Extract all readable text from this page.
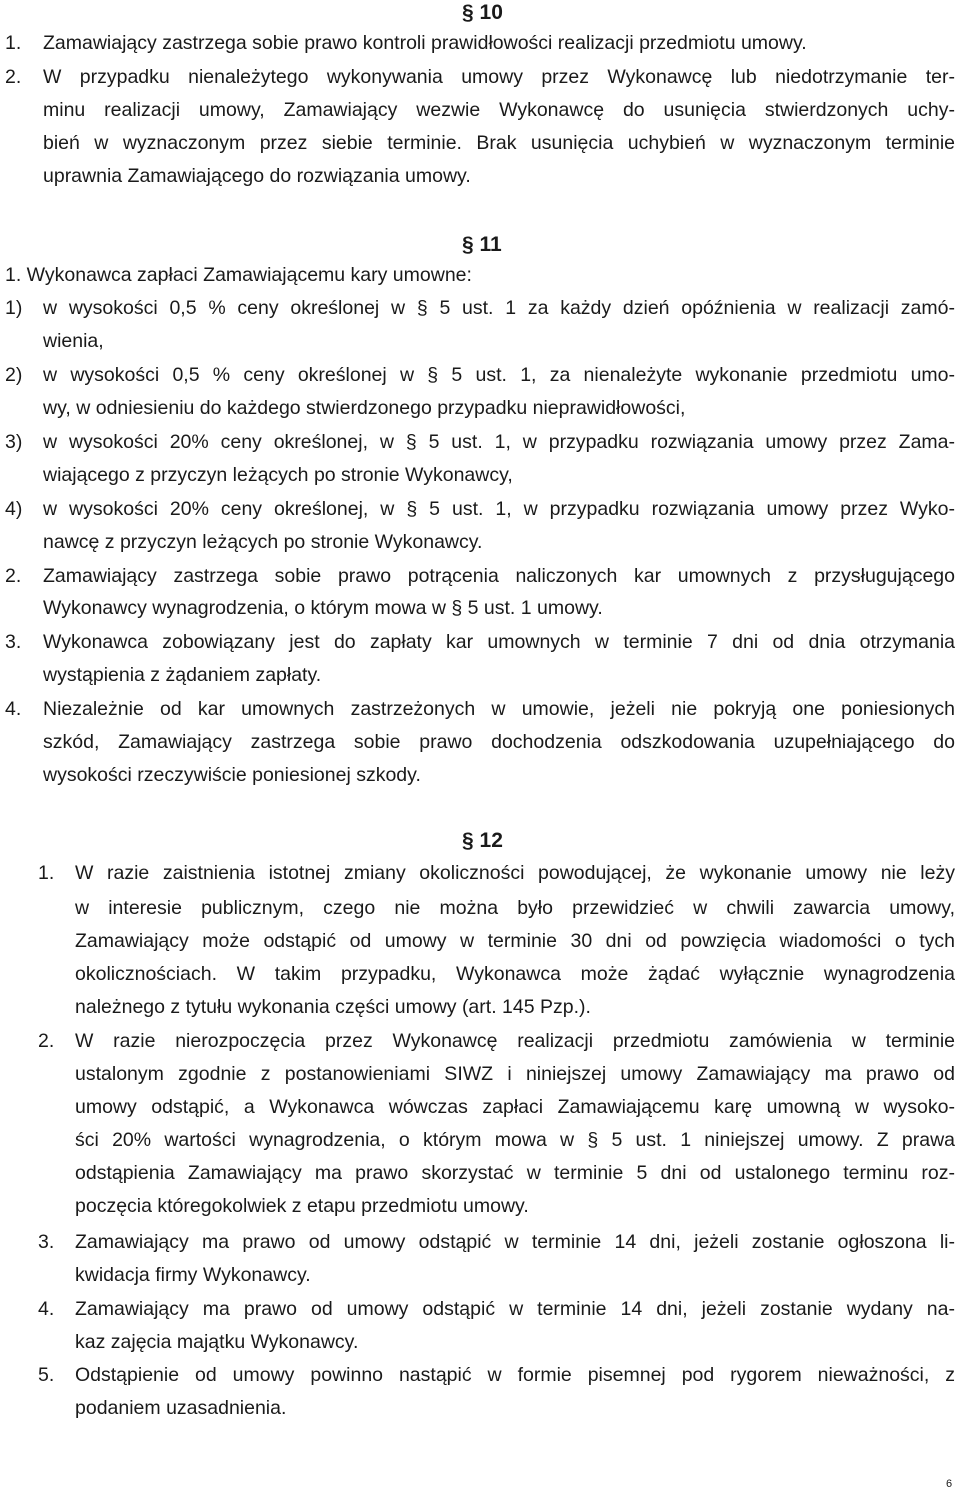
§ 10
1. Zamawiający zastrzega sobie prawo kontroli prawidłowości realizacji przedmiotu umowy.
2. W przypadku nienależytego wykonywania umowy przez Wykonawcę lub niedotrzymanie ter-
minu realizacji umowy, Zamawiający wezwie Wykonawcę do usunięcia stwierdzonych uchy-
bień w wyznaczonym przez siebie terminie. Brak usunięcia uchybień w wyznaczonym terminie
uprawnia Zamawiającego do rozwiązania umowy.
§ 11
1. Wykonawca zapłaci Zamawiającemu kary umowne:
1) w wysokości 0,5 % ceny określonej w § 5 ust. 1 za każdy dzień opóźnienia w realizacji zamó-
wienia,
2) w wysokości 0,5 % ceny określonej w § 5 ust. 1, za nienależyte wykonanie przedmiotu umo-
wy, w odniesieniu do każdego stwierdzonego przypadku nieprawidłowości,
3) w wysokości 20% ceny określonej, w § 5 ust. 1, w przypadku rozwiązania umowy przez Zama-
wiającego z przyczyn leżących po stronie Wykonawcy,
4) w wysokości 20% ceny określonej, w § 5 ust. 1, w przypadku rozwiązania umowy przez Wyko-
nawcę z przyczyn leżących po stronie Wykonawcy.
2. Zamawiający zastrzega sobie prawo potrącenia naliczonych kar umownych z przysługującego
Wykonawcy wynagrodzenia, o którym mowa w § 5 ust. 1 umowy.
3. Wykonawca zobowiązany jest do zapłaty kar umownych w terminie 7 dni od dnia otrzymania
wystąpienia z żądaniem zapłaty.
4. Niezależnie od kar umownych zastrzeżonych w umowie, jeżeli nie pokryją one poniesionych
szkód, Zamawiający zastrzega sobie prawo dochodzenia odszkodowania uzupełniającego do
wysokości rzeczywiście poniesionej szkody.
§ 12
1. W razie zaistnienia istotnej zmiany okoliczności powodującej, że wykonanie umowy nie leży
w interesie publicznym, czego nie można było przewidzieć w chwili zawarcia umowy,
Zamawiający może odstąpić od umowy w terminie 30 dni od powzięcia wiadomości o tych
okolicznościach. W takim przypadku, Wykonawca może żądać wyłącznie wynagrodzenia
należnego z tytułu wykonania części umowy (art. 145 Pzp.).
2. W razie nierozpoczęcia przez Wykonawcę realizacji przedmiotu zamówienia w terminie
ustalonym zgodnie z postanowieniami SIWZ i niniejszej umowy Zamawiający ma prawo od
umowy odstąpić, a Wykonawca wówczas zapłaci Zamawiającemu karę umowną w wysoko-
ści 20% wartości wynagrodzenia, o którym mowa w § 5 ust. 1 niniejszej umowy. Z prawa
odstąpienia Zamawiający ma prawo skorzystać w terminie 5 dni od ustalonego terminu roz-
poczęcia któregokolwiek z etapu przedmiotu umowy.
3. Zamawiający ma prawo od umowy odstąpić w terminie 14 dni, jeżeli zostanie ogłoszona li-
kwidacja firmy Wykonawcy.
4. Zamawiający ma prawo od umowy odstąpić w terminie 14 dni, jeżeli zostanie wydany na-
kaz zajęcia majątku Wykonawcy.
5. Odstąpienie od umowy powinno nastąpić w formie pisemnej pod rygorem nieważności, z
podaniem uzasadnienia.
6
